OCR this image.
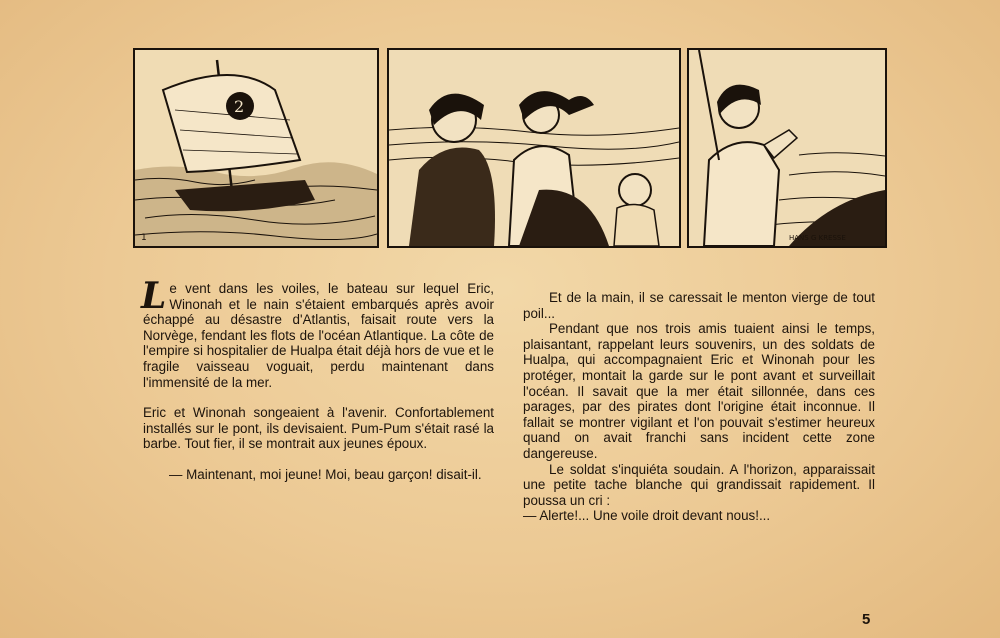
2
1	HANS G KRESSE

Le vent dans les voiles, le bateau sur lequel Eric, Winonah et le nain s'étaient embarqués après avoir échappé au désastre d'Atlantis, faisait route vers la Norvège, fendant les flots de l'océan Atlantique. La côte de l'empire si hospitalier de Hualpa était déjà hors de vue et le fragile vaisseau voguait, perdu maintenant dans l'immensité de la mer.

Eric et Winonah songeaient à l'avenir. Confortablement installés sur le pont, ils devisaient. Pum-Pum s'était rasé la barbe. Tout fier, il se montrait aux jeunes époux.

— Maintenant, moi jeune! Moi, beau garçon! disait-il.

Et de la main, il se caressait le menton vierge de tout poil...

Pendant que nos trois amis tuaient ainsi le temps, plaisantant, rappelant leurs souvenirs, un des soldats de Hualpa, qui accompagnaient Eric et Winonah pour les protéger, montait la garde sur le pont avant et surveillait l'océan. Il savait que la mer était sillonnée, dans ces parages, par des pirates dont l'origine était inconnue. Il fallait se montrer vigilant et l'on pouvait s'estimer heureux quand on avait franchi sans incident cette zone dangereuse.

Le soldat s'inquiéta soudain. A l'horizon, apparaissait une petite tache blanche qui grandissait rapidement. Il poussa un cri :

— Alerte!... Une voile droit devant nous!...

5
